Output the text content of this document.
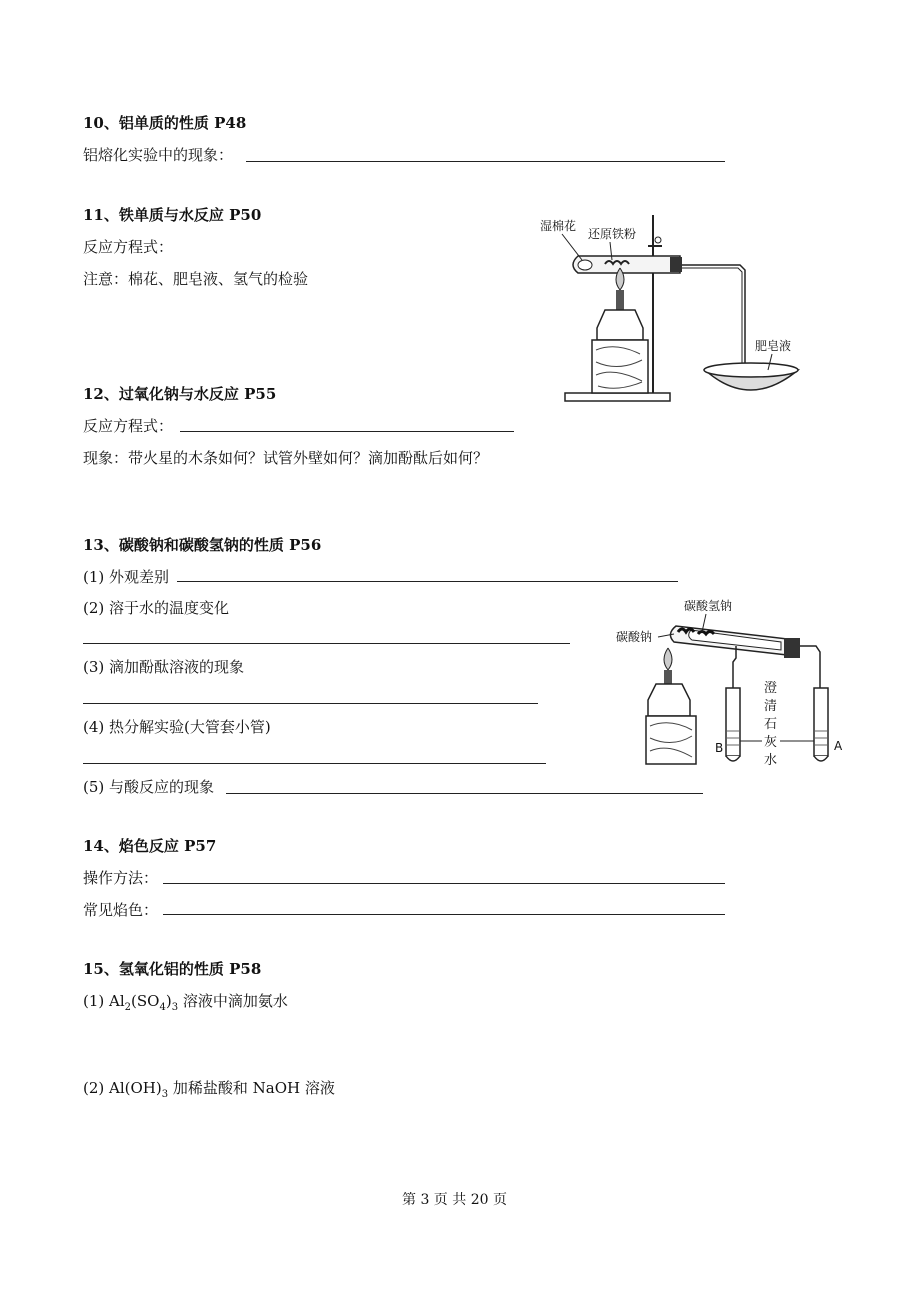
10、铝单质的性质 P48
铝熔化实验中的现象：
11、铁单质与水反应 P50
反应方程式：
注意：棉花、肥皂液、氢气的检验
湿棉花
还原铁粉
肥皂液
12、过氧化钠与水反应 P55
反应方程式：
现象：带火星的木条如何？试管外壁如何？滴加酚酞后如何？
13、碳酸钠和碳酸氢钠的性质 P56
(1) 外观差别
(2) 溶于水的温度变化
(3) 滴加酚酞溶液的现象
(4) 热分解实验(大管套小管)
(5) 与酸反应的现象
碳酸氢钠
碳酸钠
澄
清
石
灰
水
B	A
14、焰色反应 P57
操作方法：
常见焰色：
15、氢氧化铝的性质 P58
(1) $Al_2(SO_4)_3$ 溶液中滴加氨水
(2) $Al(OH)_3$ 加稀盐酸和 NaOH 溶液
第 3 页 共 20 页
